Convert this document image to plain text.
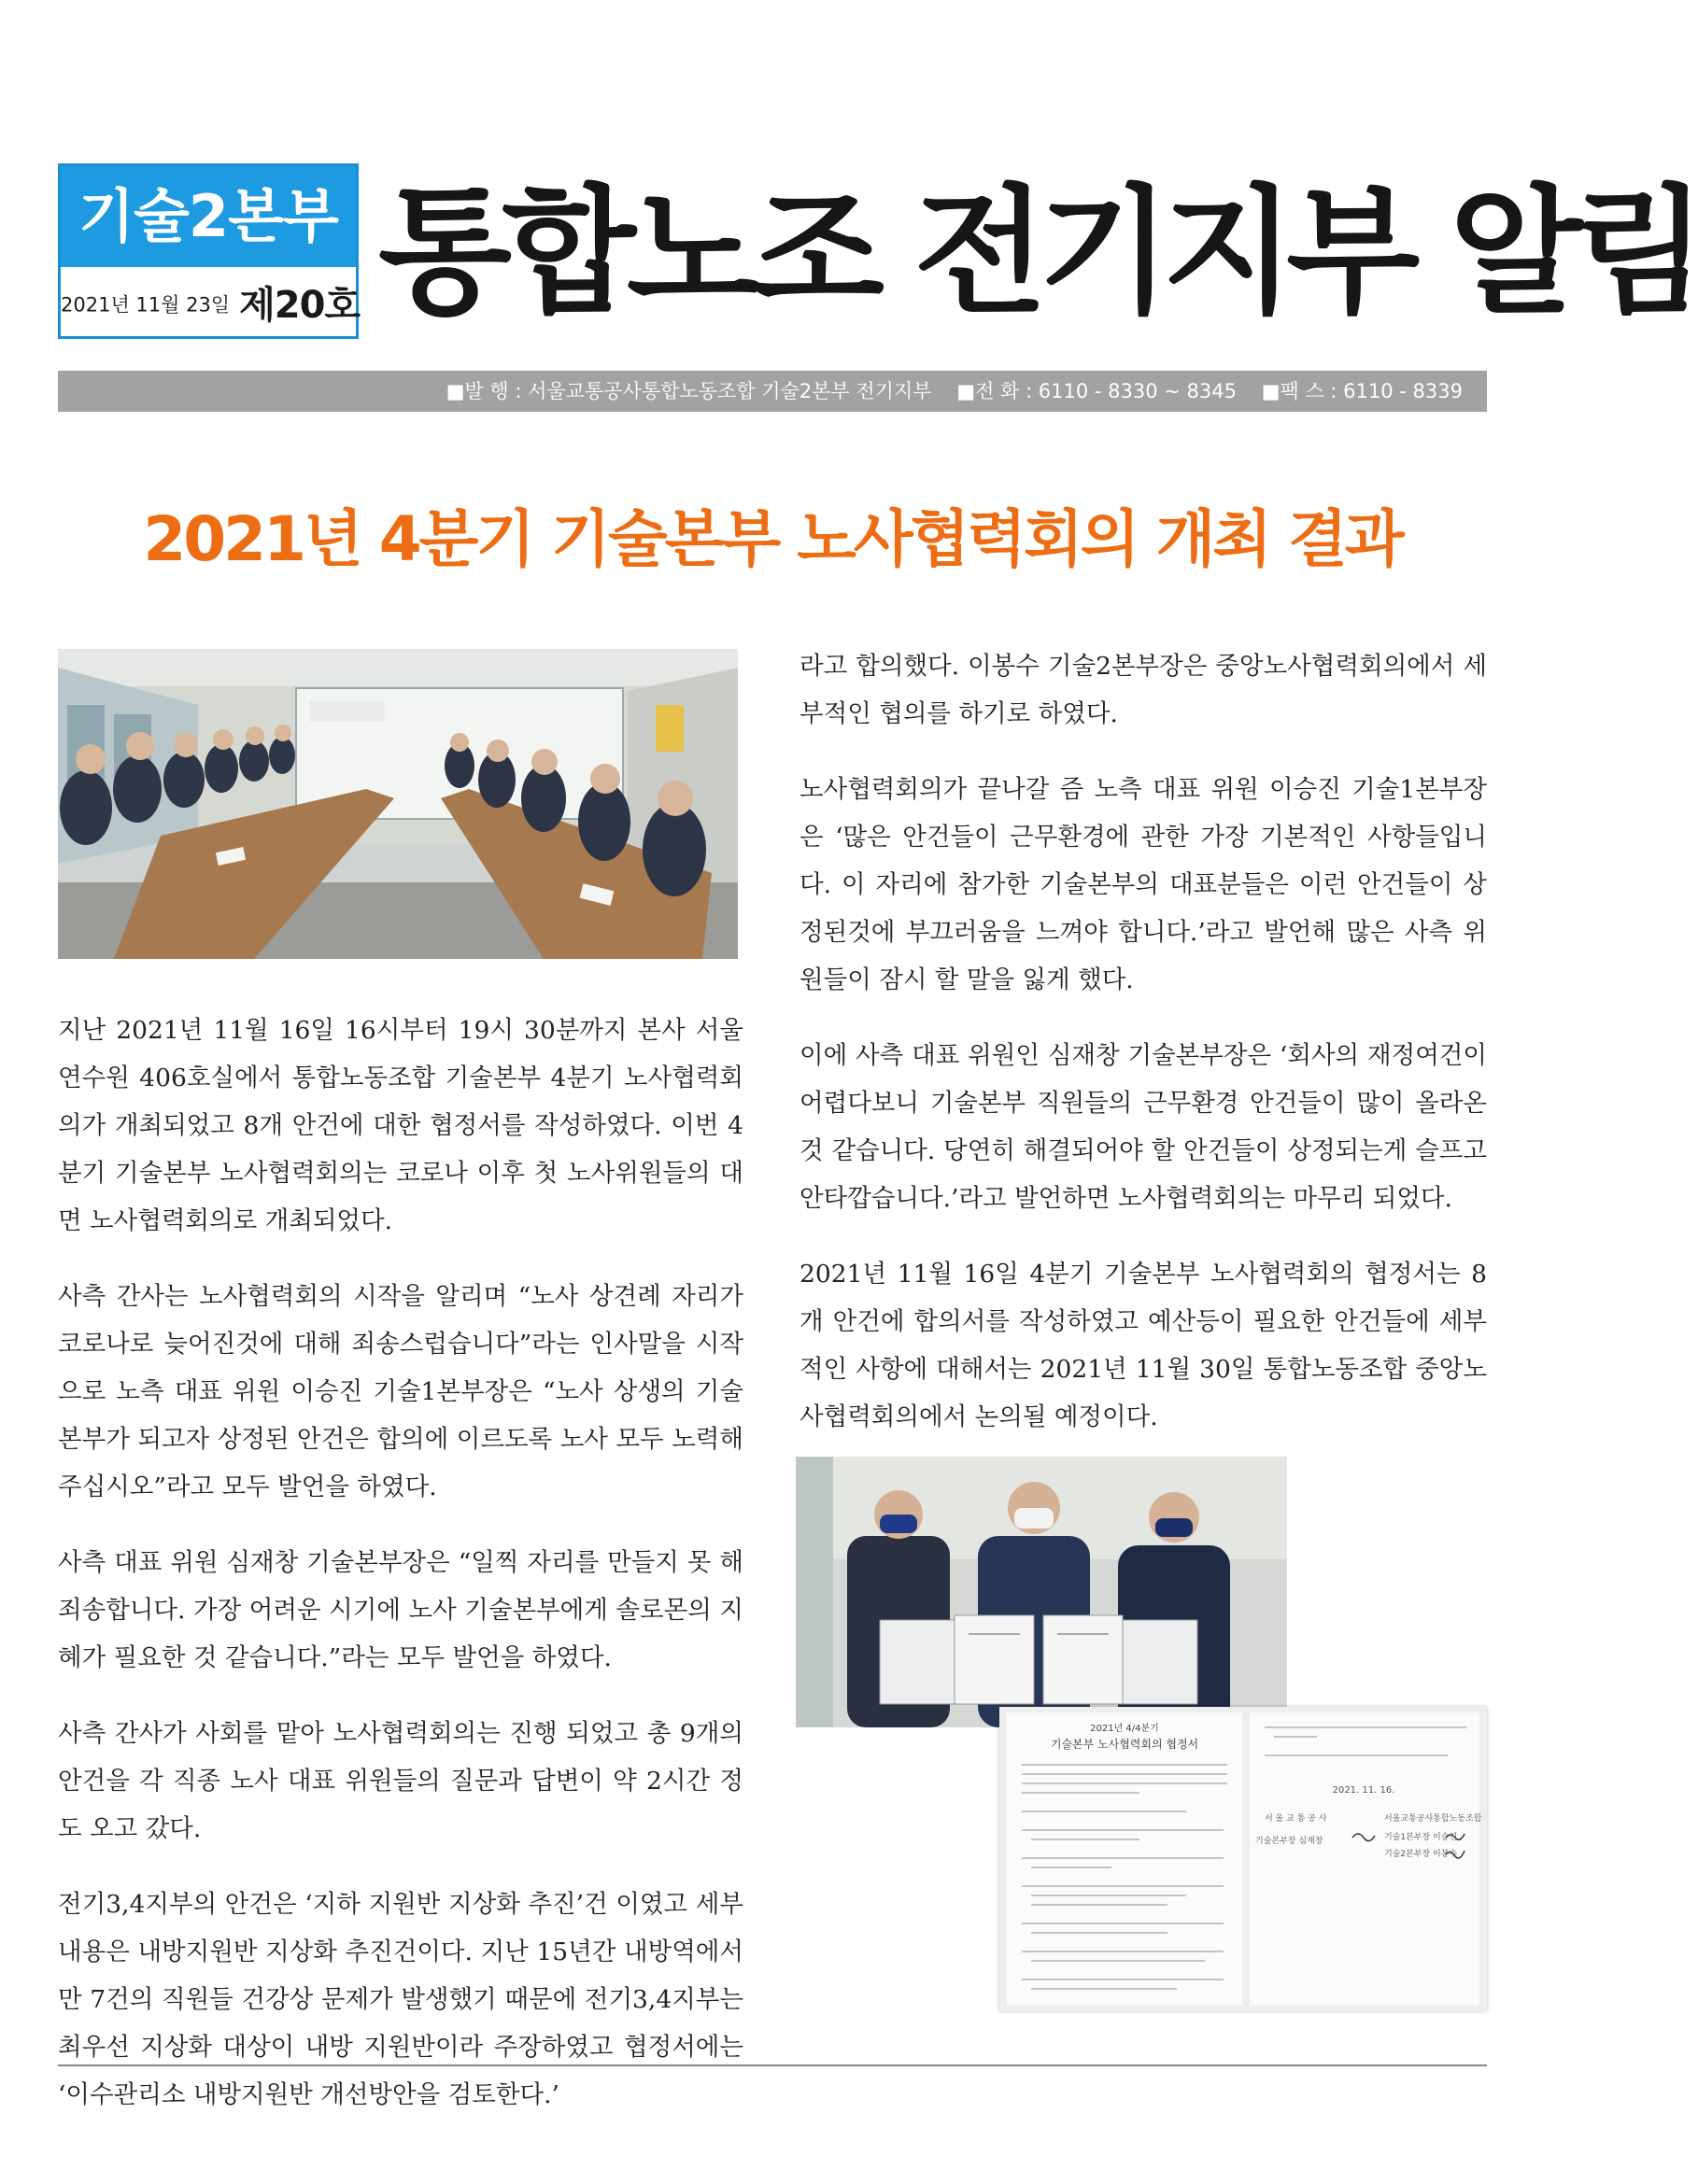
기술2본부
2021년 11월 23일 제20호 통합노조 전기지부 알림
■발 행 : 서울교통공사통합노동조합 기술2본부 전기지부 ■전 화 : 6110 - 8330 ~ 8345 ■팩 스 : 6110 - 8339
2021년 4분기 기술본부 노사협력회의 개최 결과

지난 2021년 11월 16일 16시부터 19시 30분까지 본사 서울연수원 406호실에서 통합노동조합 기술본부 4분기 노사협력회의가 개최되었고 8개 안건에 대한 협정서를 작성하였다. 이번 4분기 기술본부 노사협력회의는 코로나 이후 첫 노사위원들의 대면 노사협력회의로 개최되었다.

사측 간사는 노사협력회의 시작을 알리며 “노사 상견례 자리가 코로나로 늦어진것에 대해 죄송스럽습니다”라는 인사말을 시작으로 노측 대표 위원 이승진 기술1본부장은 “노사 상생의 기술본부가 되고자 상정된 안건은 합의에 이르도록 노사 모두 노력해 주십시오”라고 모두 발언을 하였다.

사측 대표 위원 심재창 기술본부장은 “일찍 자리를 만들지 못 해 죄송합니다. 가장 어려운 시기에 노사 기술본부에게 솔로몬의 지혜가 필요한 것 같습니다.”라는 모두 발언을 하였다.

사측 간사가 사회를 맡아 노사협력회의는 진행 되었고 총 9개의 안건을 각 직종 노사 대표 위원들의 질문과 답변이 약 2시간 정도 오고 갔다.

전기3,4지부의 안건은 ‘지하 지원반 지상화 추진’건 이였고 세부내용은 내방지원반 지상화 추진건이다. 지난 15년간 내방역에서만 7건의 직원들 건강상 문제가 발생했기 때문에 전기3,4지부는 최우선 지상화 대상이 내방 지원반이라 주장하였고 협정서에는 ‘이수관리소 내방지원반 개선방안을 검토한다.’

라고 합의했다. 이봉수 기술2본부장은 중앙노사협력회의에서 세부적인 협의를 하기로 하였다.

노사협력회의가 끝나갈 즘 노측 대표 위원 이승진 기술1본부장은 ‘많은 안건들이 근무환경에 관한 가장 기본적인 사항들입니다. 이 자리에 참가한 기술본부의 대표분들은 이런 안건들이 상정된것에 부끄러움을 느껴야 합니다.’라고 발언해 많은 사측 위원들이 잠시 할 말을 잃게 했다.

이에 사측 대표 위원인 심재창 기술본부장은 ‘회사의 재정여건이 어렵다보니 기술본부 직원들의 근무환경 안건들이 많이 올라온 것 같습니다. 당연히 해결되어야 할 안건들이 상정되는게 슬프고 안타깝습니다.’라고 발언하면 노사협력회의는 마무리 되었다.

2021년 11월 16일 4분기 기술본부 노사협력회의 협정서는 8개 안건에 합의서를 작성하였고 예산등이 필요한 안건들에 세부적인 사항에 대해서는 2021년 11월 30일 통합노동조합 중앙노사협력회의에서 논의될 예정이다.

2021년 4/4분기
기술본부 노사협력회의 협정서
2021. 11. 16.
서 울 교 통 공 사	서울교통공사통합노동조합
기술본부장 심재창	기술1본부장 이승진
기술2본부장 이봉수
